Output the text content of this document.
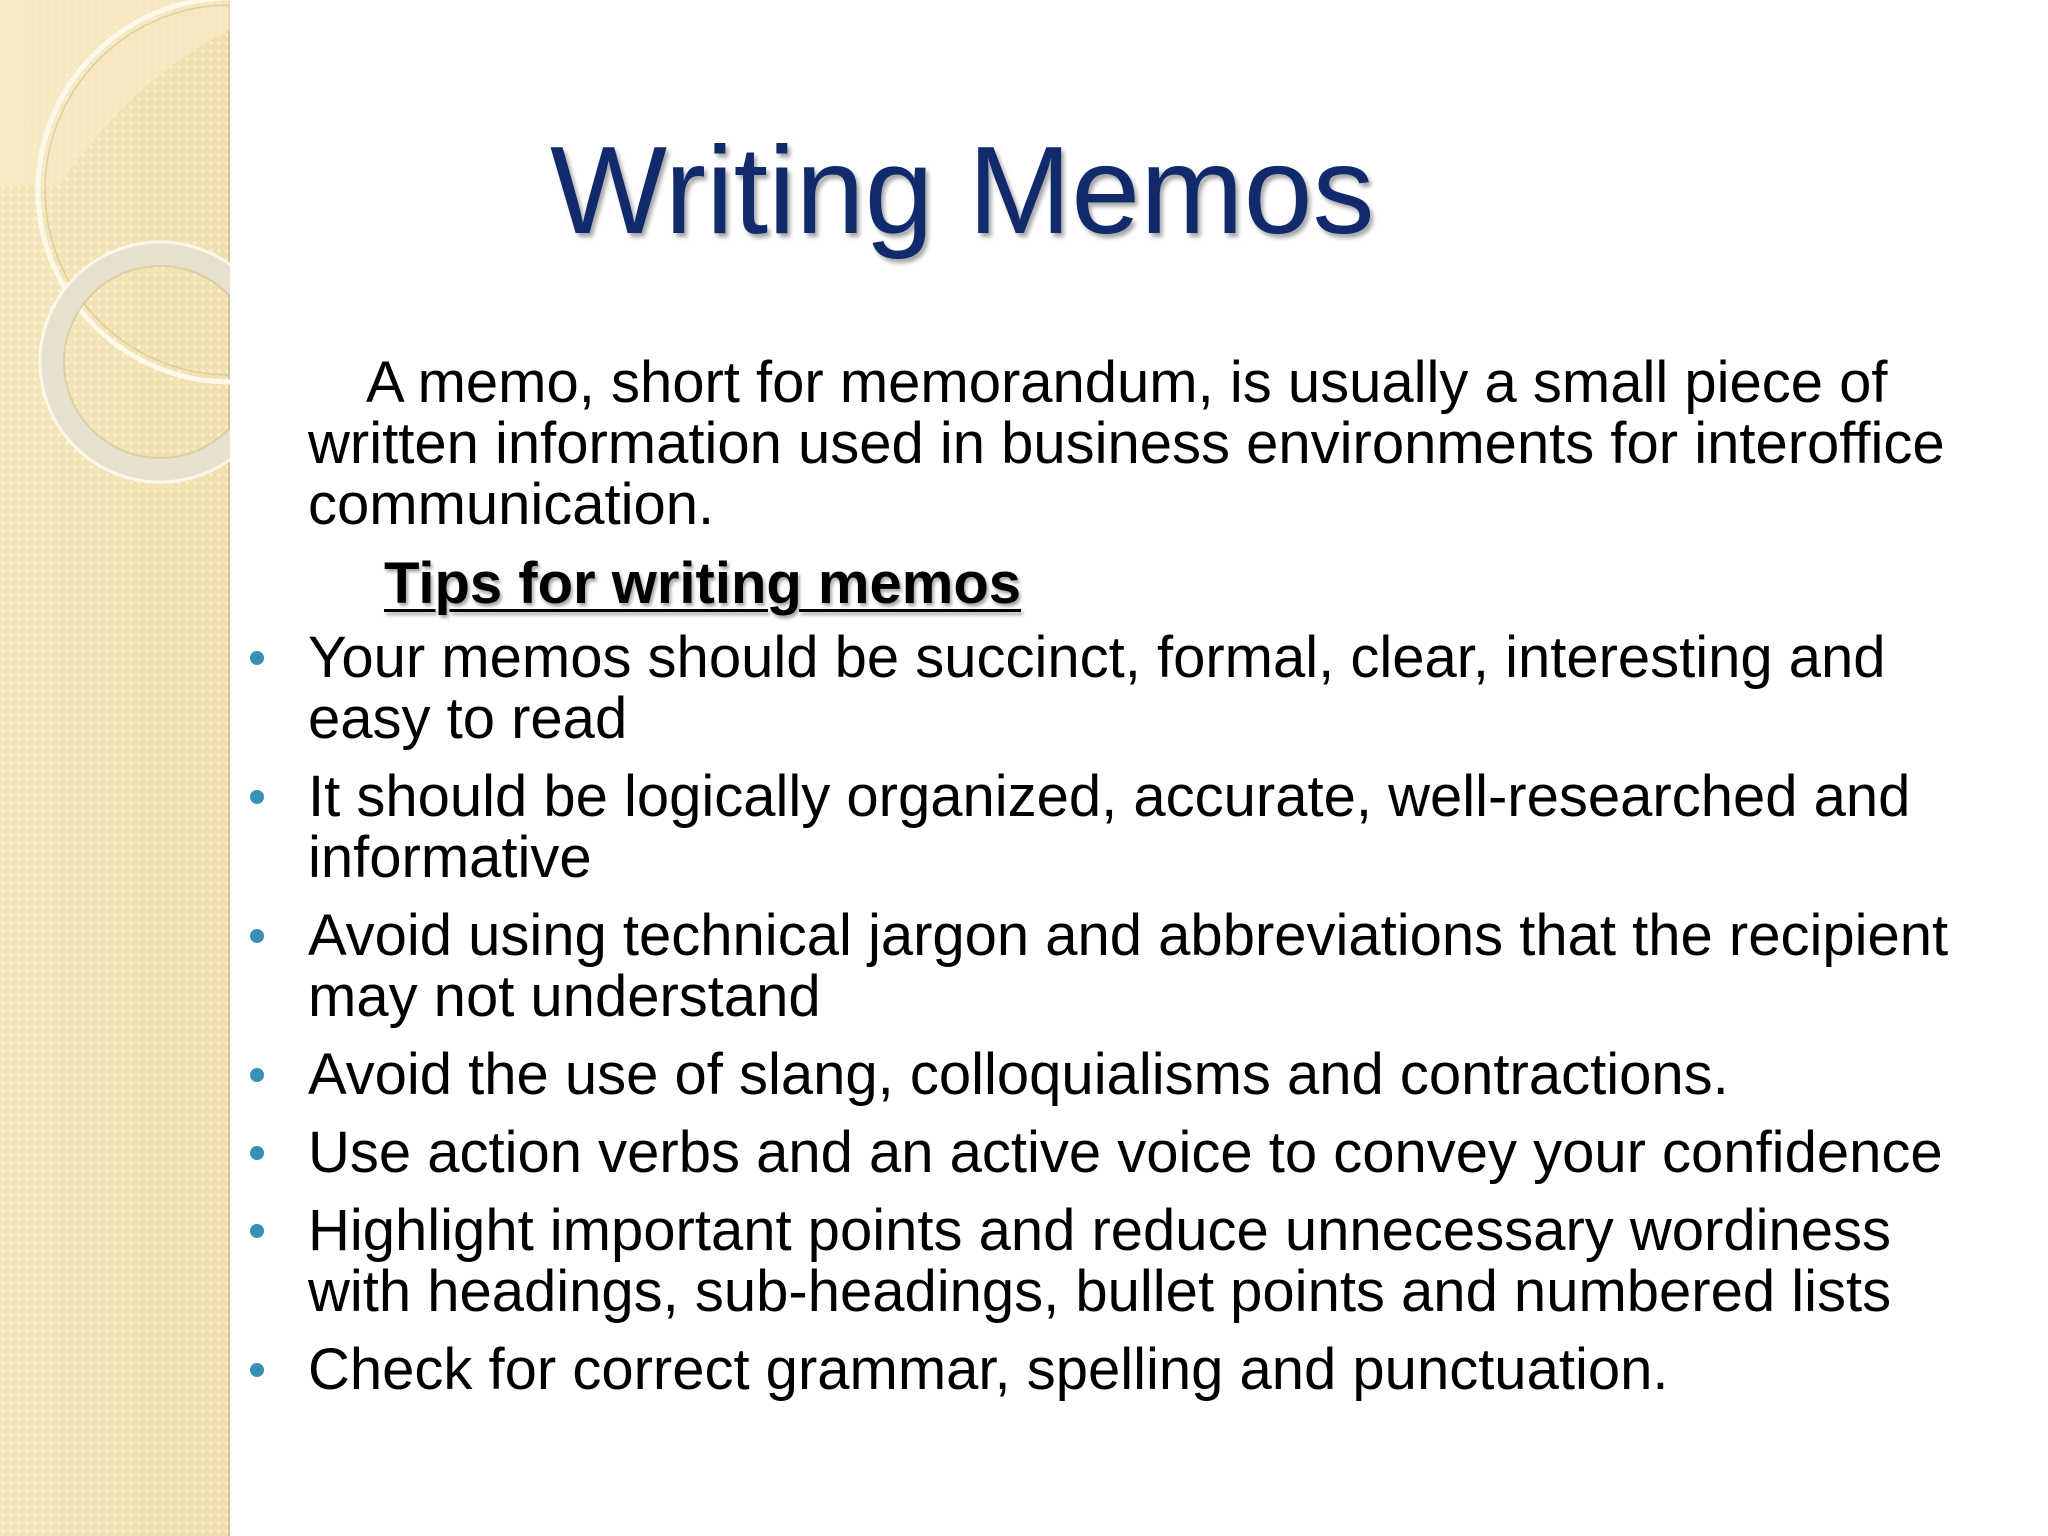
Writing Memos

A memo, short for memorandum, is usually a small piece of written information used in business environments for interoffice communication.

Tips for writing memos
Your memos should be succinct, formal, clear, interesting and easy to read
It should be logically organized, accurate, well-researched and informative
Avoid using technical jargon and abbreviations that the recipient may not understand
Avoid the use of slang, colloquialisms and contractions.
Use action verbs and an active voice to convey your confidence
Highlight important points and reduce unnecessary wordiness with headings, sub-headings, bullet points and numbered lists
Check for correct grammar, spelling and punctuation.
